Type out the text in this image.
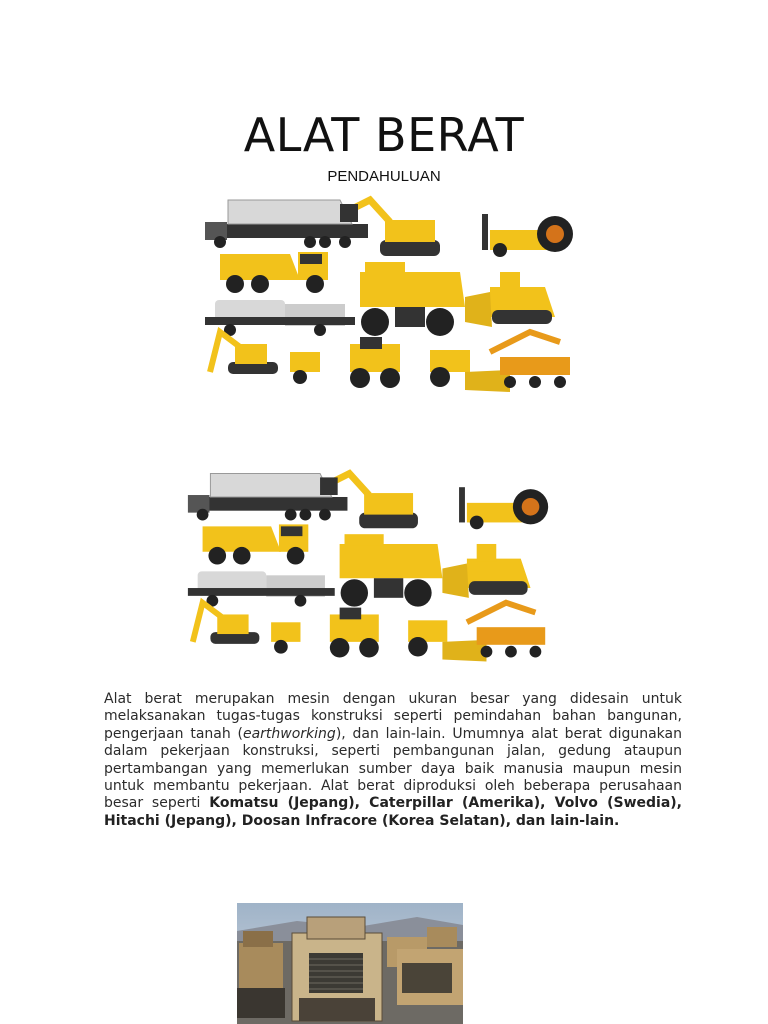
ALAT BERAT
PENDAHULUAN
Alat berat merupakan mesin dengan ukuran besar yang didesain untuk melaksanakan tugas-tugas konstruksi seperti pemindahan bahan bangunan, pengerjaan tanah (earthworking), dan lain-lain. Umumnya alat berat digunakan dalam pekerjaan konstruksi, seperti pembangunan jalan, gedung ataupun pertambangan yang memerlukan sumber daya baik manusia maupun mesin untuk membantu pekerjaan. Alat berat diproduksi oleh beberapa perusahaan besar seperti Komatsu (Jepang), Caterpillar (Amerika), Volvo (Swedia), Hitachi (Jepang), Doosan Infracore (Korea Selatan), dan lain-lain.
